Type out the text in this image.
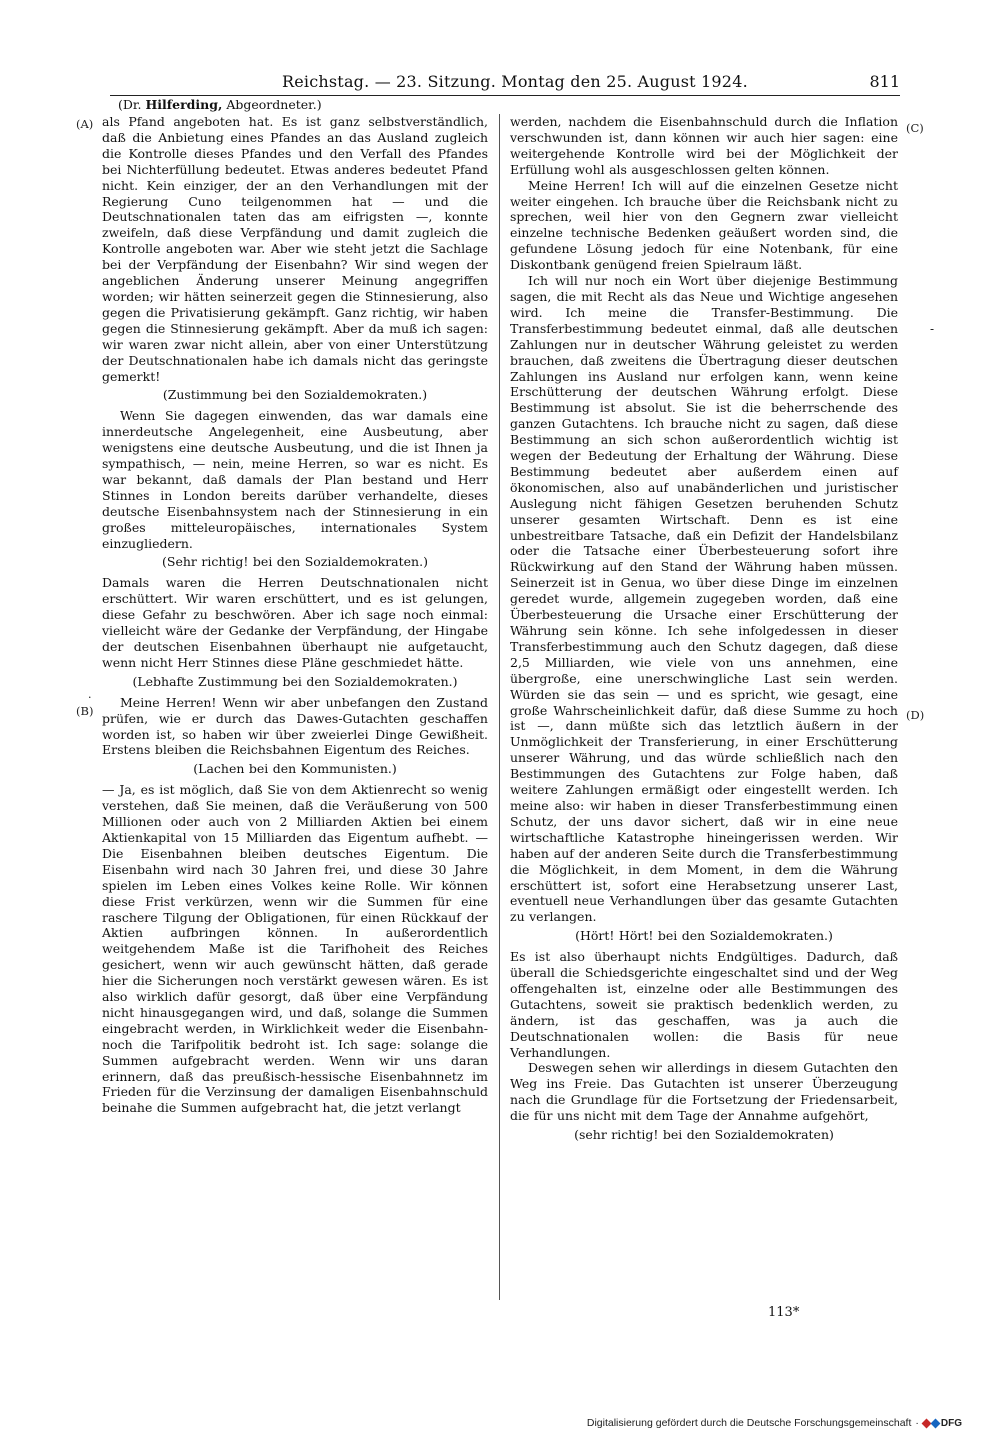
Reichstag. — 23. Sitzung. Montag den 25. August 1924.	811
(Dr. Hilferding, Abgeordneter.)
(A)
(B)
(C)
(D)
-
.

als Pfand angeboten hat. Es ist ganz selbstverständlich, daß die Anbietung eines Pfandes an das Ausland zugleich die Kontrolle dieses Pfandes und den Verfall des Pfandes bei Nichterfüllung bedeutet. Etwas anderes bedeutet Pfand nicht. Kein einziger, der an den Verhandlungen mit der Regierung Cuno teilgenommen hat — und die Deutschnationalen taten das am eifrigsten —, konnte zweifeln, daß diese Verpfändung und damit zugleich die Kontrolle angeboten war. Aber wie steht jetzt die Sachlage bei der Verpfändung der Eisenbahn? Wir sind wegen der angeblichen Änderung unserer Meinung angegriffen worden; wir hätten seinerzeit gegen die Stinnesierung, also gegen die Privatisierung gekämpft. Ganz richtig, wir haben gegen die Stinnesierung gekämpft. Aber da muß ich sagen: wir waren zwar nicht allein, aber von einer Unterstützung der Deutschnationalen habe ich damals nicht das geringste gemerkt!

(Zustimmung bei den Sozialdemokraten.)

Wenn Sie dagegen einwenden, das war damals eine innerdeutsche Angelegenheit, eine Ausbeutung, aber wenigstens eine deutsche Ausbeutung, und die ist Ihnen ja sympathisch, — nein, meine Herren, so war es nicht. Es war bekannt, daß damals der Plan bestand und Herr Stinnes in London bereits darüber verhandelte, dieses deutsche Eisenbahnsystem nach der Stinnesierung in ein großes mitteleuropäisches, internationales System einzugliedern.

(Sehr richtig! bei den Sozialdemokraten.)

Damals waren die Herren Deutschnationalen nicht erschüttert. Wir waren erschüttert, und es ist gelungen, diese Gefahr zu beschwören. Aber ich sage noch einmal: vielleicht wäre der Gedanke der Verpfändung, der Hingabe der deutschen Eisenbahnen überhaupt nie aufgetaucht, wenn nicht Herr Stinnes diese Pläne geschmiedet hätte.

(Lebhafte Zustimmung bei den Sozialdemokraten.)

Meine Herren! Wenn wir aber unbefangen den Zustand prüfen, wie er durch das Dawes-Gutachten geschaffen worden ist, so haben wir über zweierlei Dinge Gewißheit. Erstens bleiben die Reichsbahnen Eigentum des Reiches.

(Lachen bei den Kommunisten.)

— Ja, es ist möglich, daß Sie von dem Aktienrecht so wenig verstehen, daß Sie meinen, daß die Veräußerung von 500 Millionen oder auch von 2 Milliarden Aktien bei einem Aktienkapital von 15 Milliarden das Eigentum aufhebt. — Die Eisenbahnen bleiben deutsches Eigentum. Die Eisenbahn wird nach 30 Jahren frei, und diese 30 Jahre spielen im Leben eines Volkes keine Rolle. Wir können diese Frist verkürzen, wenn wir die Summen für eine raschere Tilgung der Obligationen, für einen Rückkauf der Aktien aufbringen können. In außerordentlich weitgehendem Maße ist die Tarifhoheit des Reiches gesichert, wenn wir auch gewünscht hätten, daß gerade hier die Sicherungen noch verstärkt gewesen wären. Es ist also wirklich dafür gesorgt, daß über eine Verpfändung nicht hinausgegangen wird, und daß, solange die Summen eingebracht werden, in Wirklichkeit weder die Eisenbahn- noch die Tarifpolitik bedroht ist. Ich sage: solange die Summen aufgebracht werden. Wenn wir uns daran erinnern, daß das preußisch-hessische Eisenbahnnetz im Frieden für die Verzinsung der damaligen Eisenbahnschuld beinahe die Summen aufgebracht hat, die jetzt verlangt

werden, nachdem die Eisenbahnschuld durch die Inflation verschwunden ist, dann können wir auch hier sagen: eine weitergehende Kontrolle wird bei der Möglichkeit der Erfüllung wohl als ausgeschlossen gelten können.

Meine Herren! Ich will auf die einzelnen Gesetze nicht weiter eingehen. Ich brauche über die Reichsbank nicht zu sprechen, weil hier von den Gegnern zwar vielleicht einzelne technische Bedenken geäußert worden sind, die gefundene Lösung jedoch für eine Notenbank, für eine Diskontbank genügend freien Spielraum läßt.

Ich will nur noch ein Wort über diejenige Bestimmung sagen, die mit Recht als das Neue und Wichtige angesehen wird. Ich meine die Transfer-Bestimmung. Die Transferbestimmung bedeutet einmal, daß alle deutschen Zahlungen nur in deutscher Währung geleistet zu werden brauchen, daß zweitens die Übertragung dieser deutschen Zahlungen ins Ausland nur erfolgen kann, wenn keine Erschütterung der deutschen Währung erfolgt. Diese Bestimmung ist absolut. Sie ist die beherrschende des ganzen Gutachtens. Ich brauche nicht zu sagen, daß diese Bestimmung an sich schon außerordentlich wichtig ist wegen der Bedeutung der Erhaltung der Währung. Diese Bestimmung bedeutet aber außerdem einen auf ökonomischen, also auf unabänderlichen und juristischer Auslegung nicht fähigen Gesetzen beruhenden Schutz unserer gesamten Wirtschaft. Denn es ist eine unbestreitbare Tatsache, daß ein Defizit der Handelsbilanz oder die Tatsache einer Überbesteuerung sofort ihre Rückwirkung auf den Stand der Währung haben müssen. Seinerzeit ist in Genua, wo über diese Dinge im einzelnen geredet wurde, allgemein zugegeben worden, daß eine Überbesteuerung die Ursache einer Erschütterung der Währung sein könne. Ich sehe infolgedessen in dieser Transferbestimmung auch den Schutz dagegen, daß diese 2,5 Milliarden, wie viele von uns annehmen, eine übergroße, eine unerschwingliche Last sein werden. Würden sie das sein — und es spricht, wie gesagt, eine große Wahrscheinlichkeit dafür, daß diese Summe zu hoch ist —, dann müßte sich das letztlich äußern in der Unmöglichkeit der Transferierung, in einer Erschütterung unserer Währung, und das würde schließlich nach den Bestimmungen des Gutachtens zur Folge haben, daß weitere Zahlungen ermäßigt oder eingestellt werden. Ich meine also: wir haben in dieser Transferbestimmung einen Schutz, der uns davor sichert, daß wir in eine neue wirtschaftliche Katastrophe hineingerissen werden. Wir haben auf der anderen Seite durch die Transferbestimmung die Möglichkeit, in dem Moment, in dem die Währung erschüttert ist, sofort eine Herabsetzung unserer Last, eventuell neue Verhandlungen über das gesamte Gutachten zu verlangen.

(Hört! Hört! bei den Sozialdemokraten.)

Es ist also überhaupt nichts Endgültiges. Dadurch, daß überall die Schiedsgerichte eingeschaltet sind und der Weg offengehalten ist, einzelne oder alle Bestimmungen des Gutachtens, soweit sie praktisch bedenklich werden, zu ändern, ist das geschaffen, was ja auch die Deutschnationalen wollen: die Basis für neue Verhandlungen.

Deswegen sehen wir allerdings in diesem Gutachten den Weg ins Freie. Das Gutachten ist unserer Überzeugung nach die Grundlage für die Fortsetzung der Friedensarbeit, die für uns nicht mit dem Tage der Annahme aufgehört,

(sehr richtig! bei den Sozialdemokraten)

113*
Digitalisierung gefördert durch die Deutsche Forschungsgemeinschaft · DFG
